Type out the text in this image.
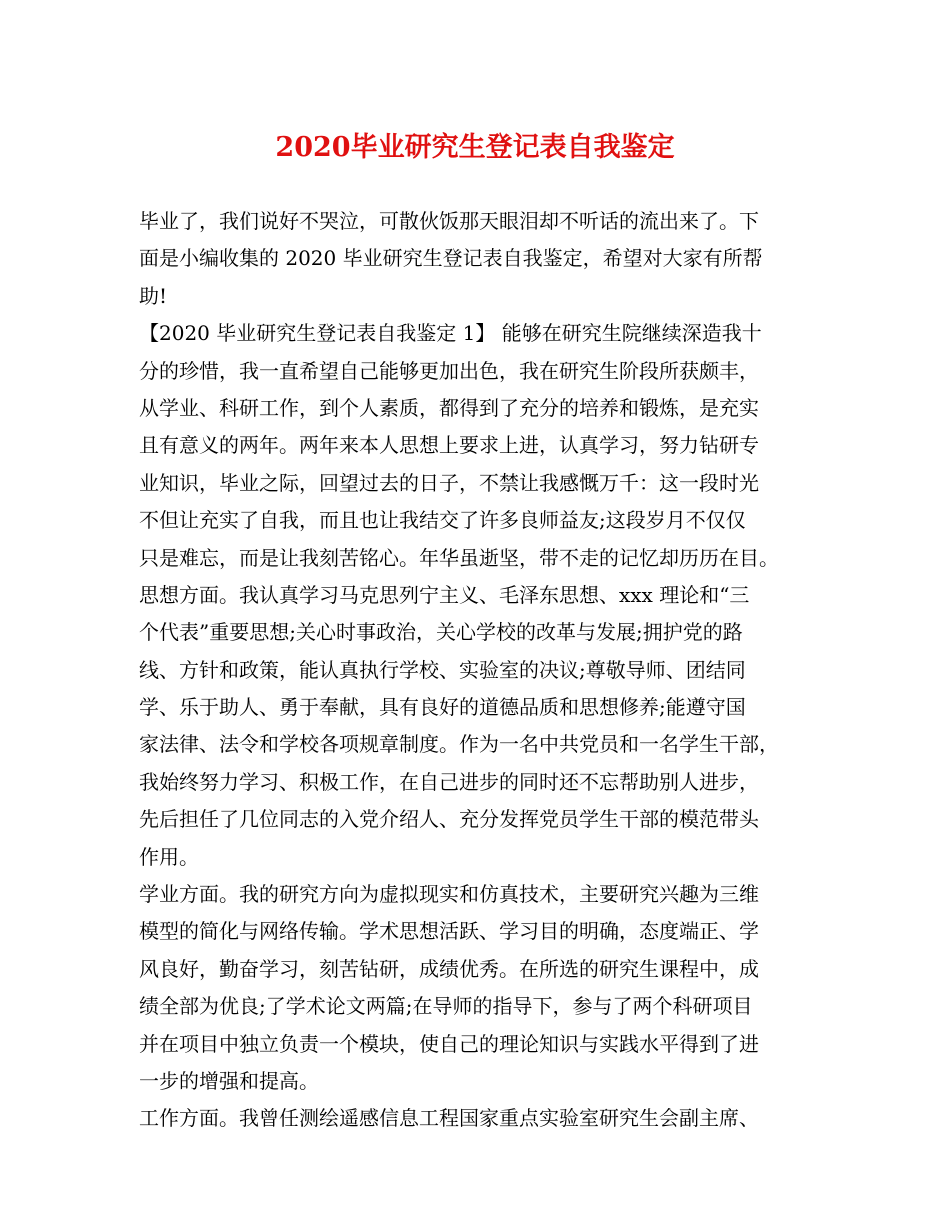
2020毕业研究生登记表自我鉴定
毕业了，我们说好不哭泣，可散伙饭那天眼泪却不听话的流出来了。下
面是小编收集的 2020 毕业研究生登记表自我鉴定，希望对大家有所帮
助!
【2020 毕业研究生登记表自我鉴定 1】 能够在研究生院继续深造我十
分的珍惜，我一直希望自己能够更加出色，我在研究生阶段所获颇丰，
从学业、科研工作，到个人素质，都得到了充分的培养和锻炼，是充实
且有意义的两年。两年来本人思想上要求上进，认真学习，努力钻研专
业知识，毕业之际，回望过去的日子，不禁让我感慨万千：这一段时光
不但让充实了自我，而且也让我结交了许多良师益友;这段岁月不仅仅
只是难忘，而是让我刻苦铭心。年华虽逝坚，带不走的记忆却历历在目。
思想方面。我认真学习马克思列宁主义、毛泽东思想、xxx 理论和“三
个代表”重要思想;关心时事政治，关心学校的改革与发展;拥护党的路
线、方针和政策，能认真执行学校、实验室的决议;尊敬导师、团结同
学、乐于助人、勇于奉献，具有良好的道德品质和思想修养;能遵守国
家法律、法令和学校各项规章制度。作为一名中共党员和一名学生干部，
我始终努力学习、积极工作，在自己进步的同时还不忘帮助别人进步，
先后担任了几位同志的入党介绍人、充分发挥党员学生干部的模范带头
作用。
学业方面。我的研究方向为虚拟现实和仿真技术，主要研究兴趣为三维
模型的简化与网络传输。学术思想活跃、学习目的明确，态度端正、学
风良好，勤奋学习，刻苦钻研，成绩优秀。在所选的研究生课程中，成
绩全部为优良;了学术论文两篇;在导师的指导下，参与了两个科研项目
并在项目中独立负责一个模块，使自己的理论知识与实践水平得到了进
一步的增强和提高。
工作方面。我曾任测绘遥感信息工程国家重点实验室研究生会副主席、
